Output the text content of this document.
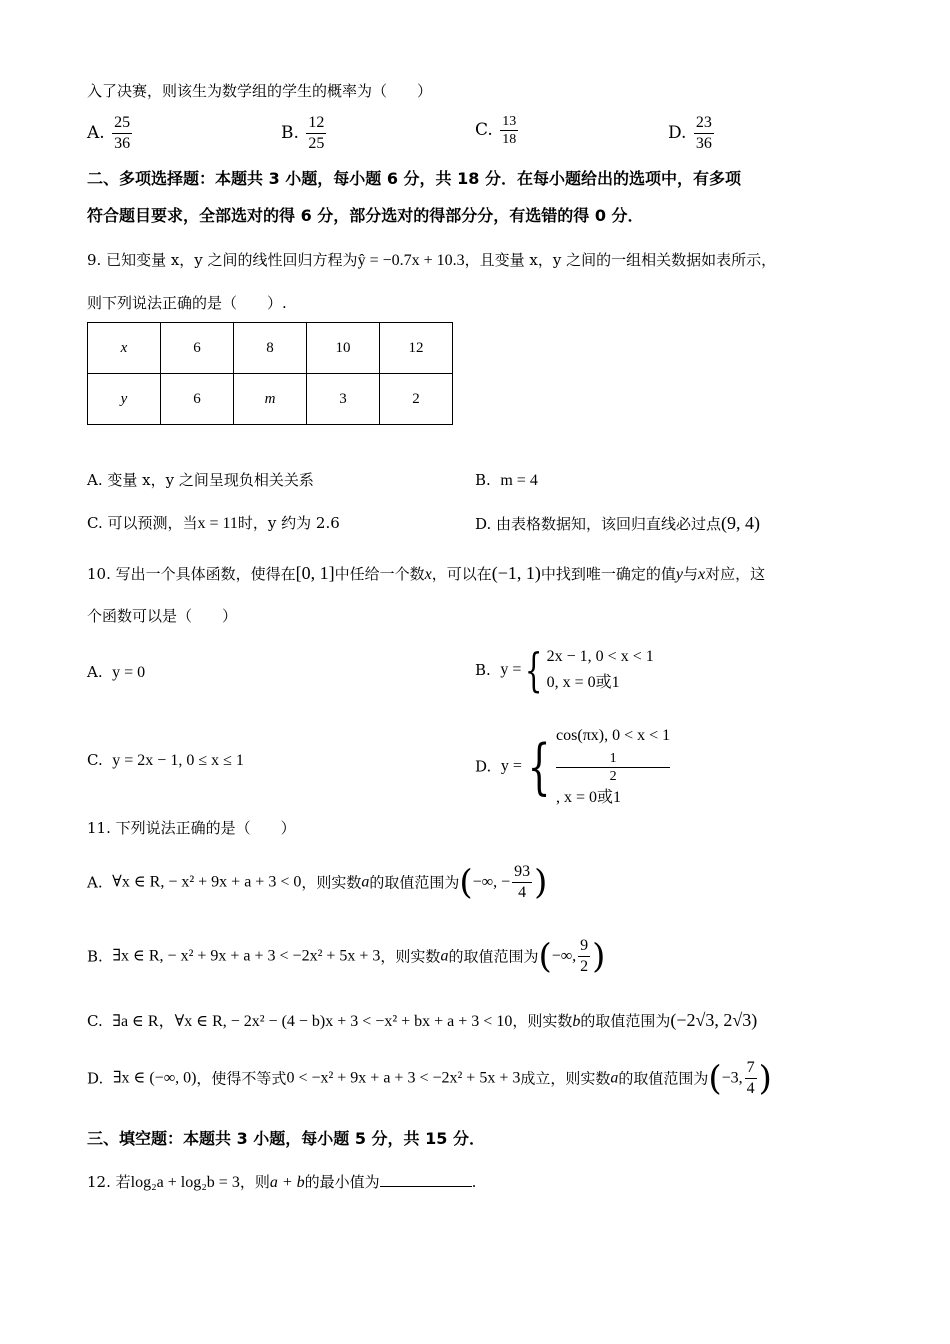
入了决赛，则该生为数学组的学生的概率为（　　）
A. $\frac{25}{36}$	B. $\frac{12}{25}$	C. $\frac{13}{18}$	D. $\frac{23}{36}$
二、多项选择题：本题共 3 小题，每小题 6 分，共 18 分．在每小题给出的选项中，有多项
符合题目要求，全部选对的得 6 分，部分选对的得部分分，有选错的得 0 分．
9. 已知变量 x，y 之间的线性回归方程为ŷ = −0.7x + 10.3，且变量 x，y 之间的一组相关数据如表所示，
则下列说法正确的是（　　）.
x	6	8	10	12
y	6	m	3	2
A. 变量 x，y 之间呈现负相关关系	B. m = 4
C. 可以预测，当x = 11时，y 约为 2.6	D. 由表格数据知，该回归直线必过点(9, 4)
10. 写出一个具体函数，使得在[0, 1]中任给一个数x，可以在(−1, 1)中找到唯一确定的值y与x对应，这
个函数可以是（　　）
A. y = 0	B. y ={ 2x − 1, 0 < x < 1
0, x = 0或1
C. y = 2x − 1, 0 ≤ x ≤ 1	D. y ={ cos(πx), 0 < x < 1
1
2
, x = 0或1
11. 下列说法正确的是（　　）
A. ∀x ∈ R, − x² + 9x + a + 3 < 0，则实数a的取值范围为(−∞, − $\frac{93}{4}$ )
B. ∃x ∈ R, − x² + 9x + a + 3 < −2x² + 5x + 3，则实数a的取值范围为(−∞, $\frac{9}{2}$ )
C. ∃a ∈ R，∀x ∈ R, − 2x² − (4 − b)x + 3 < −x² + bx + a + 3 < 10，则实数b的取值范围为(−2√3, 2√3)
D. ∃x ∈ (−∞, 0)，使得不等式0 < −x² + 9x + a + 3 < −2x² + 5x + 3成立，则实数a的取值范围为(−3, $\frac{7}{4}$ )
三、填空题：本题共 3 小题，每小题 5 分，共 15 分．
12. 若log₂a + log₂b = 3，则a + b的最小值为	.
